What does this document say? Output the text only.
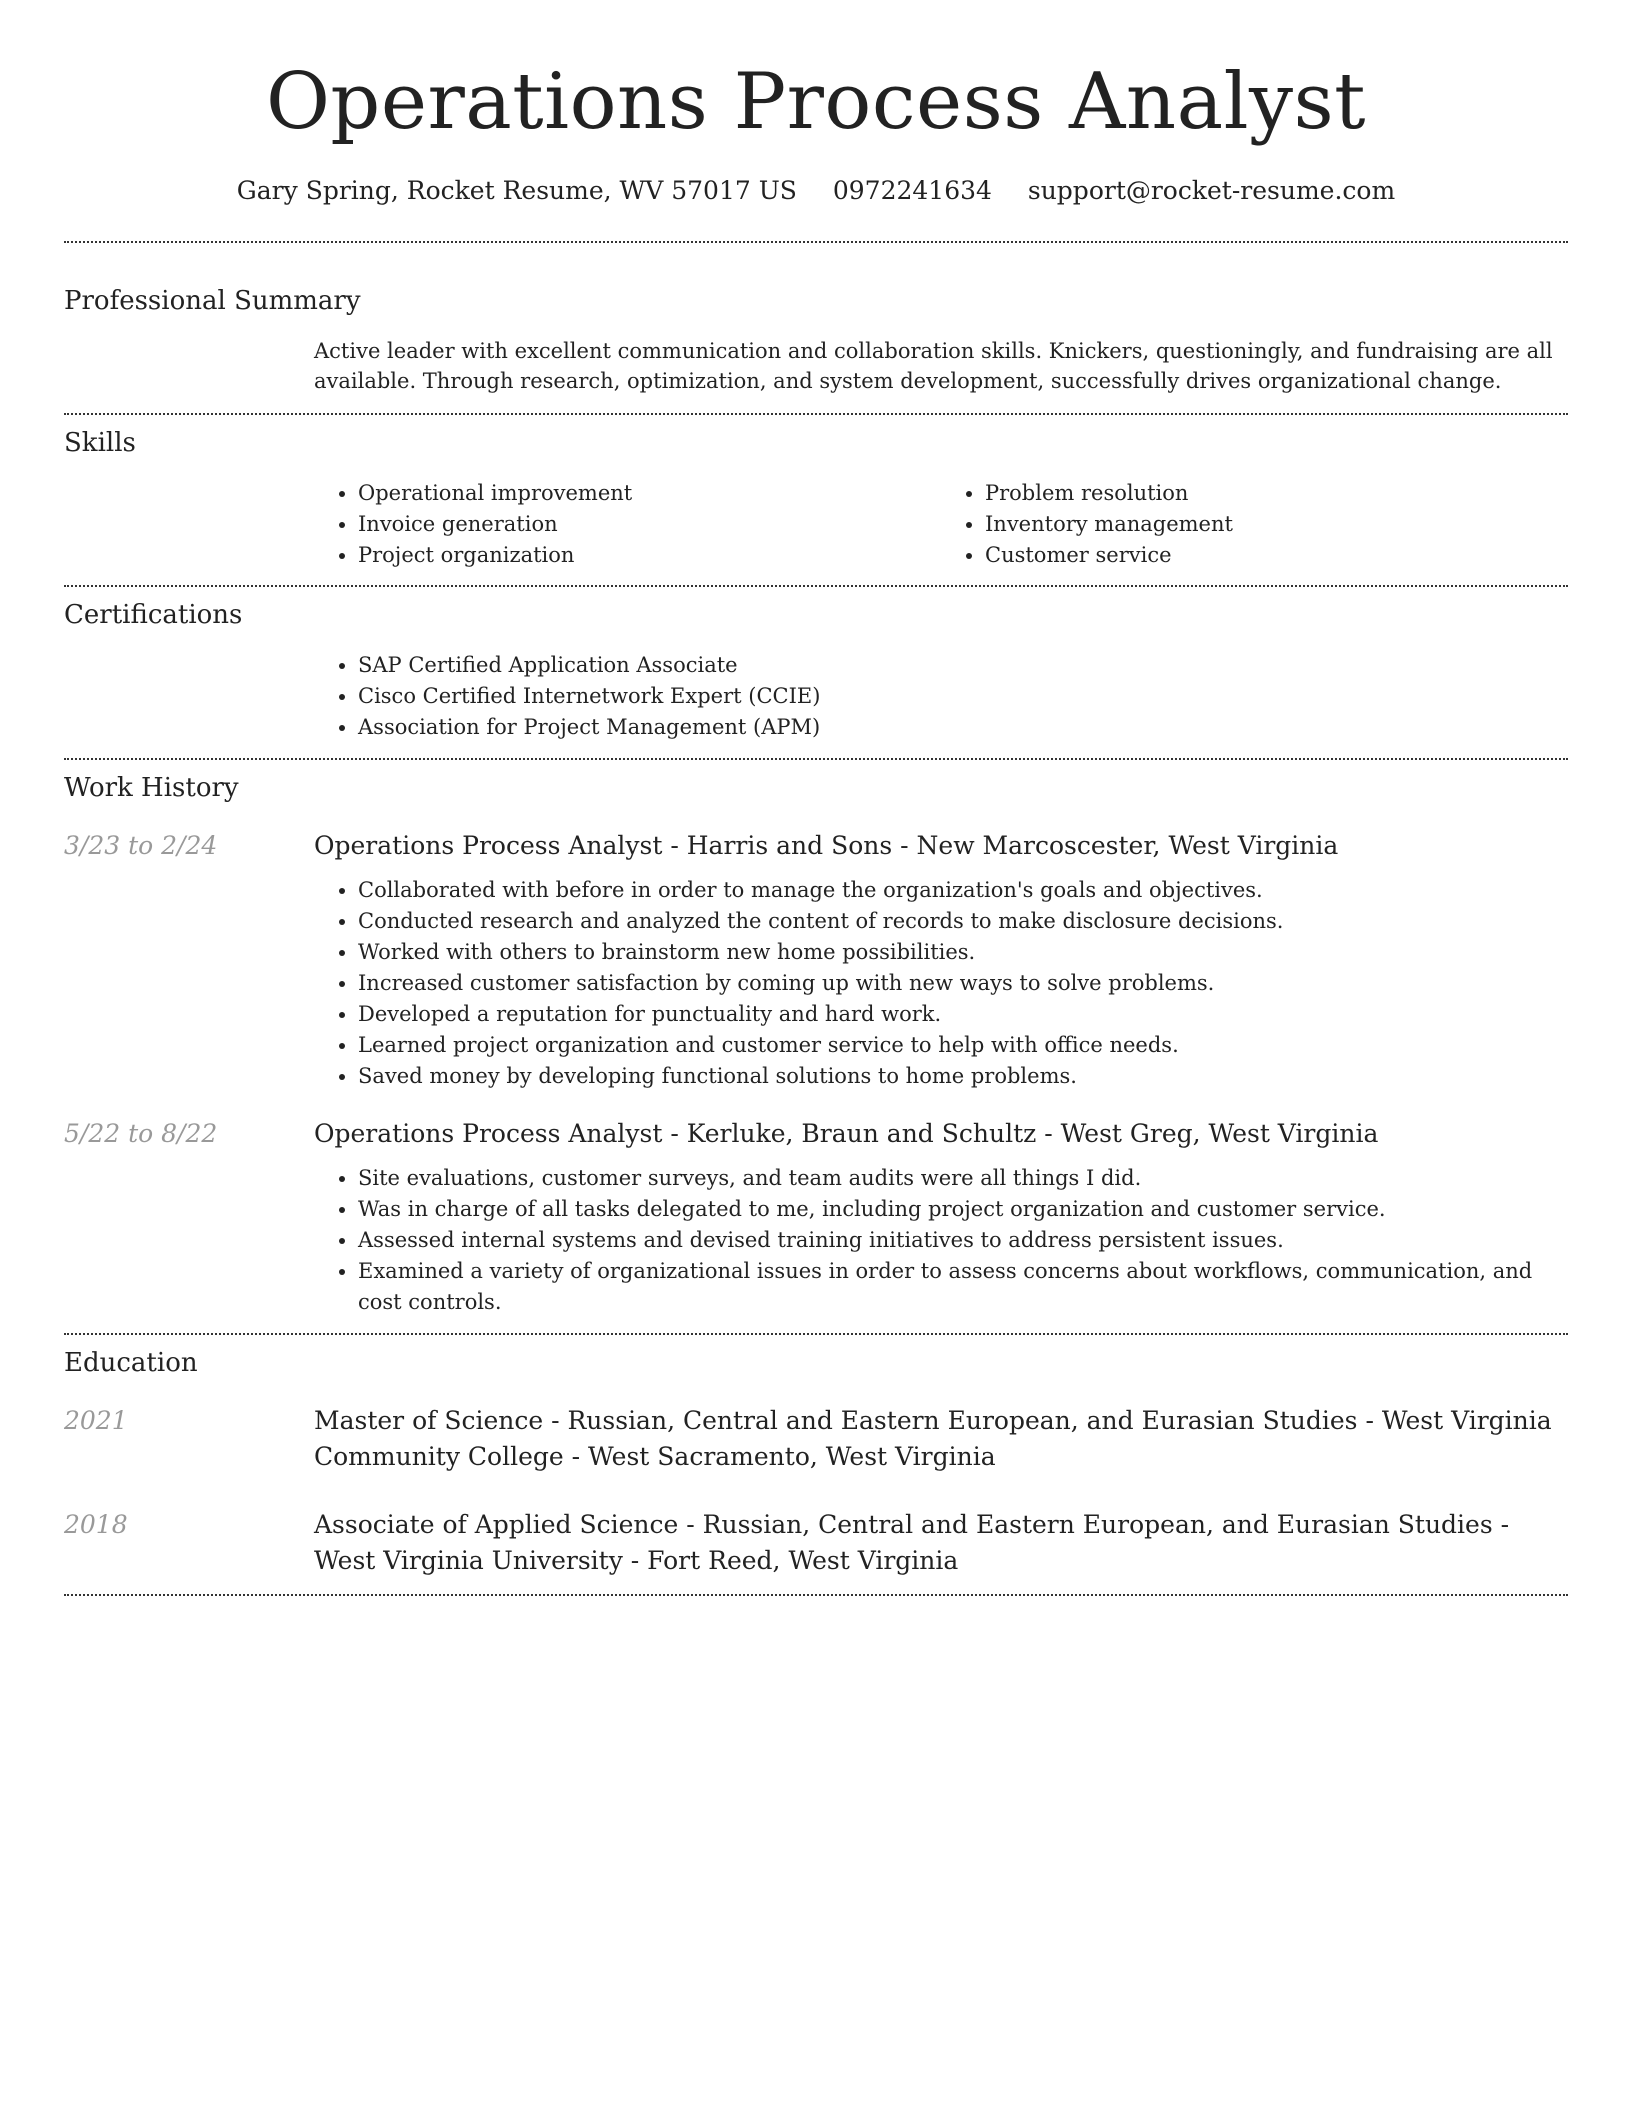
Operations Process Analyst
Gary Spring, Rocket Resume, WV 57017 US 0972241634 support@rocket-resume.com
Professional Summary
Active leader with excellent communication and collaboration skills. Knickers, questioningly, and fundraising are all available. Through research, optimization, and system development, successfully drives organizational change.
Skills
• Operational improvement
• Invoice generation
• Project organization
• Problem resolution
• Inventory management
• Customer service
Certifications
• SAP Certified Application Associate
• Cisco Certified Internetwork Expert (CCIE)
• Association for Project Management (APM)
Work History
3/23 to 2/24	Operations Process Analyst - Harris and Sons - New Marcoscester, West Virginia
• Collaborated with before in order to manage the organization's goals and objectives.
• Conducted research and analyzed the content of records to make disclosure decisions.
• Worked with others to brainstorm new home possibilities.
• Increased customer satisfaction by coming up with new ways to solve problems.
• Developed a reputation for punctuality and hard work.
• Learned project organization and customer service to help with office needs.
• Saved money by developing functional solutions to home problems.
5/22 to 8/22	Operations Process Analyst - Kerluke, Braun and Schultz - West Greg, West Virginia
• Site evaluations, customer surveys, and team audits were all things I did.
• Was in charge of all tasks delegated to me, including project organization and customer service.
• Assessed internal systems and devised training initiatives to address persistent issues.
• Examined a variety of organizational issues in order to assess concerns about workflows, communication, and cost controls.
Education
2021	Master of Science - Russian, Central and Eastern European, and Eurasian Studies - West Virginia Community College - West Sacramento, West Virginia
2018	Associate of Applied Science - Russian, Central and Eastern European, and Eurasian Studies - West Virginia University - Fort Reed, West Virginia
